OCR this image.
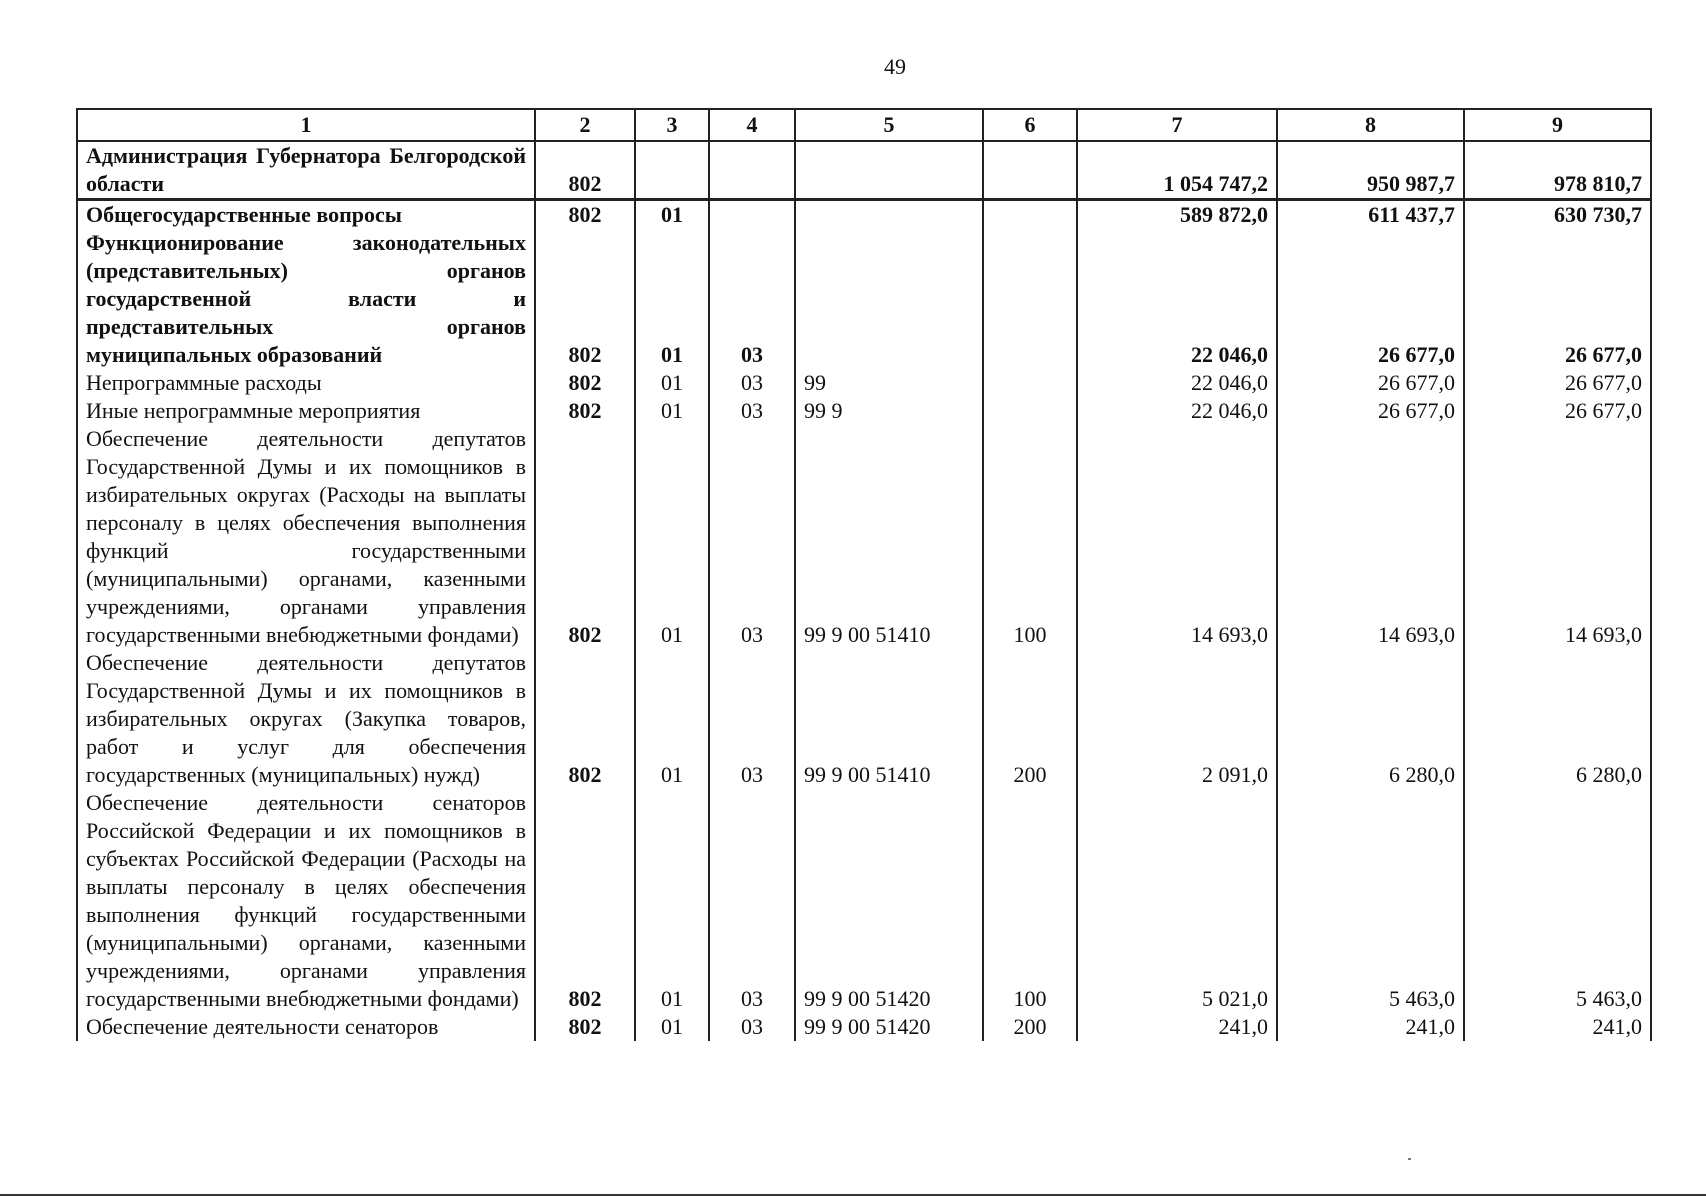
49
1	2	3	4	5	6	7	8	9
Администрация Губернатора Белгородской области	802					1 054 747,2	950 987,7	978 810,7
Общегосударственные вопросы	802	01				589 872,0	611 437,7	630 730,7
Функционирование законодательных (представительных) органов государственной власти и представительных органов муниципальных образований	802	01	03			22 046,0	26 677,0	26 677,0
Непрограммные расходы	802	01	03	99		22 046,0	26 677,0	26 677,0
Иные непрограммные мероприятия	802	01	03	99 9		22 046,0	26 677,0	26 677,0
Обеспечение деятельности депутатов Государственной Думы и их помощников в избирательных округах (Расходы на выплаты персоналу в целях обеспечения выполнения функций государственными (муниципальными) органами, казенными учреждениями, органами управления государственными внебюджетными фондами)	802	01	03	99 9 00 51410	100	14 693,0	14 693,0	14 693,0
Обеспечение деятельности депутатов Государственной Думы и их помощников в избирательных округах (Закупка товаров, работ и услуг для обеспечения государственных (муниципальных) нужд)	802	01	03	99 9 00 51410	200	2 091,0	6 280,0	6 280,0
Обеспечение деятельности сенаторов Российской Федерации и их помощников в субъектах Российской Федерации (Расходы на выплаты персоналу в целях обеспечения выполнения функций государственными (муниципальными) органами, казенными учреждениями, органами управления государственными внебюджетными фондами)	802	01	03	99 9 00 51420	100	5 021,0	5 463,0	5 463,0
Обеспечение деятельности сенаторов	802	01	03	99 9 00 51420	200	241,0	241,0	241,0
